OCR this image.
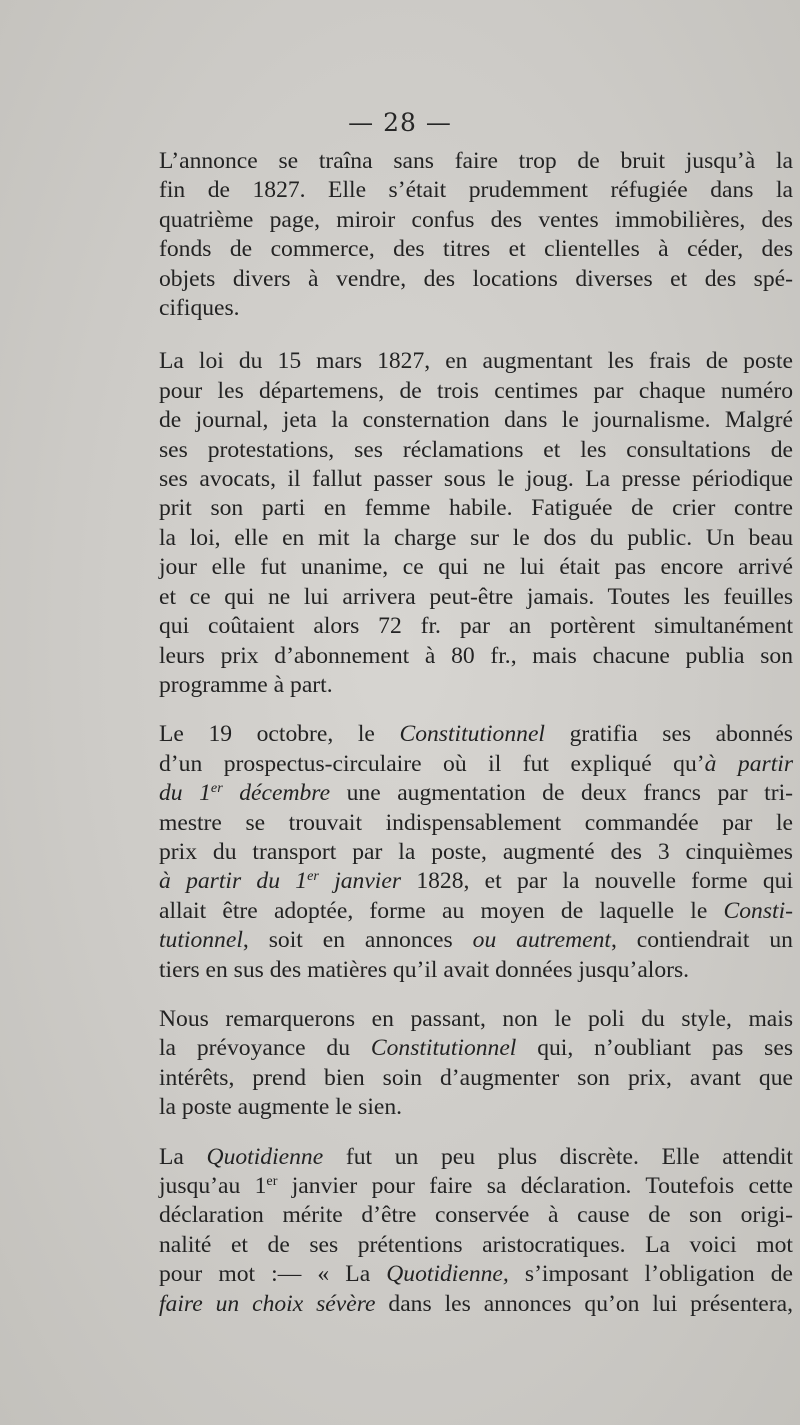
— 28 —

L’annonce se traîna sans faire trop de bruit jusqu’à la
fin de 1827. Elle s’était prudemment réfugiée dans la
quatrième page, miroir confus des ventes immobilières, des
fonds de commerce, des titres et clientelles à céder, des
objets divers à vendre, des locations diverses et des spé-
cifiques.

La loi du 15 mars 1827, en augmentant les frais de poste
pour les départemens, de trois centimes par chaque numéro
de journal, jeta la consternation dans le journalisme. Malgré
ses protestations, ses réclamations et les consultations de
ses avocats, il fallut passer sous le joug. La presse périodique
prit son parti en femme habile. Fatiguée de crier contre
la loi, elle en mit la charge sur le dos du public. Un beau
jour elle fut unanime, ce qui ne lui était pas encore arrivé
et ce qui ne lui arrivera peut-être jamais. Toutes les feuilles
qui coûtaient alors 72 fr. par an portèrent simultanément
leurs prix d’abonnement à 80 fr., mais chacune publia son
programme à part.

Le 19 octobre, le Constitutionnel gratifia ses abonnés
d’un prospectus-circulaire où il fut expliqué qu’à partir
du 1er décembre une augmentation de deux francs par tri-
mestre se trouvait indispensablement commandée par le
prix du transport par la poste, augmenté des 3 cinquièmes
à partir du 1er janvier 1828, et par la nouvelle forme qui
allait être adoptée, forme au moyen de laquelle le Consti-
tutionnel, soit en annonces ou autrement, contiendrait un
tiers en sus des matières qu’il avait données jusqu’alors.

Nous remarquerons en passant, non le poli du style, mais
la prévoyance du Constitutionnel qui, n’oubliant pas ses
intérêts, prend bien soin d’augmenter son prix, avant que
la poste augmente le sien.

La Quotidienne fut un peu plus discrète. Elle attendit
jusqu’au 1er janvier pour faire sa déclaration. Toutefois cette
déclaration mérite d’être conservée à cause de son origi-
nalité et de ses prétentions aristocratiques. La voici mot
pour mot :— « La Quotidienne, s’imposant l’obligation de
faire un choix sévère dans les annonces qu’on lui présentera,
